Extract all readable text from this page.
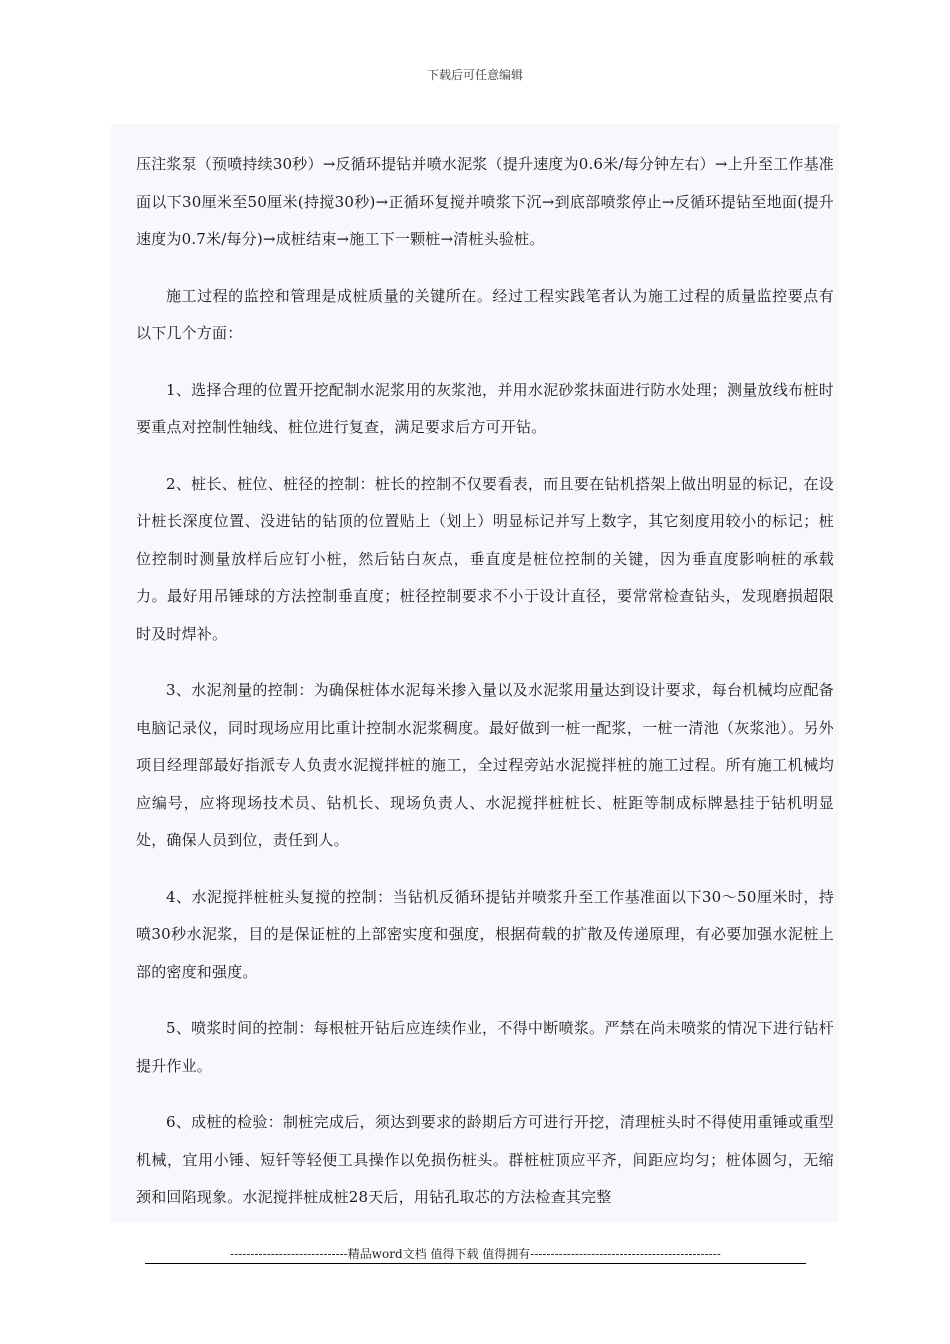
下载后可任意编辑

压注浆泵（预喷持续30秒）→反循环提钻并喷水泥浆（提升速度为0.6米/每分钟左右）→上升至工作基准面以下30厘米至50厘米(持搅30秒)→正循环复搅并喷浆下沉→到底部喷浆停止→反循环提钻至地面(提升速度为0.7米/每分)→成桩结束→施工下一颗桩→清桩头验桩。

施工过程的监控和管理是成桩质量的关键所在。经过工程实践笔者认为施工过程的质量监控要点有以下几个方面：

1、选择合理的位置开挖配制水泥浆用的灰浆池，并用水泥砂浆抹面进行防水处理；测量放线布桩时要重点对控制性轴线、桩位进行复查，满足要求后方可开钻。

2、桩长、桩位、桩径的控制：桩长的控制不仅要看表，而且要在钻机搭架上做出明显的标记，在设计桩长深度位置、没进钻的钻顶的位置贴上（划上）明显标记并写上数字，其它刻度用较小的标记；桩位控制时测量放样后应钉小桩，然后钻白灰点，垂直度是桩位控制的关键，因为垂直度影响桩的承载力。最好用吊锤球的方法控制垂直度；桩径控制要求不小于设计直径，要常常检查钻头，发现磨损超限时及时焊补。

3、水泥剂量的控制：为确保桩体水泥每米掺入量以及水泥浆用量达到设计要求，每台机械均应配备电脑记录仪，同时现场应用比重计控制水泥浆稠度。最好做到一桩一配浆，一桩一清池（灰浆池）。另外项目经理部最好指派专人负责水泥搅拌桩的施工，全过程旁站水泥搅拌桩的施工过程。所有施工机械均应编号，应将现场技术员、钻机长、现场负责人、水泥搅拌桩桩长、桩距等制成标牌悬挂于钻机明显处，确保人员到位，责任到人。

4、水泥搅拌桩桩头复搅的控制：当钻机反循环提钻并喷浆升至工作基准面以下30～50厘米时，持喷30秒水泥浆，目的是保证桩的上部密实度和强度，根据荷载的扩散及传递原理，有必要加强水泥桩上部的密度和强度。

5、喷浆时间的控制：每根桩开钻后应连续作业，不得中断喷浆。严禁在尚未喷浆的情况下进行钻杆提升作业。

6、成桩的检验：制桩完成后，须达到要求的龄期后方可进行开挖，清理桩头时不得使用重锤或重型机械，宜用小锤、短钎等轻便工具操作以免损伤桩头。群桩桩顶应平齐，间距应均匀；桩体圆匀，无缩颈和回陷现象。水泥搅拌桩成桩28天后，用钻孔取芯的方法检查其完整

-----------------------------精品word文档 值得下载 值得拥有-----------------------------------------------
